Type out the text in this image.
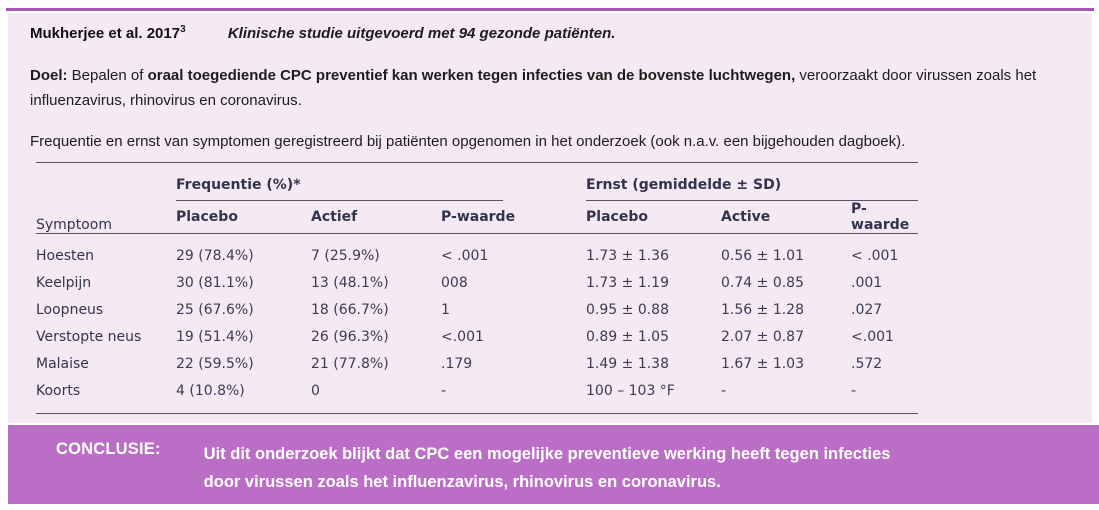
Mukherjee et al. 2017$^3$	Klinische studie uitgevoerd met 94 gezonde patiënten.

Doel: Bepalen of oraal toegediende CPC preventief kan werken tegen infecties van de bovenste luchtwegen, veroorzaakt door virussen zoals het influenzavirus, rhinovirus en coronavirus.

Frequentie en ernst van symptomen geregistreerd bij patiënten opgenomen in het onderzoek (ook n.a.v. een bijgehouden dagboek).

Symptoom	Frequentie (%)*			Ernst (gemiddelde ± SD)		

	Placebo	Actief	P-waarde	Placebo	Active	P-waarde
Hoesten	29 (78.4%)	7 (25.9%)	< .001	1.73 ± 1.36	0.56 ± 1.01	< .001
Keelpijn	30 (81.1%)	13 (48.1%)	008	1.73 ± 1.19	0.74 ± 0.85	.001
Loopneus	25 (67.6%)	18 (66.7%)	1	0.95 ± 0.88	1.56 ± 1.28	.027
Verstopte neus	19 (51.4%)	26 (96.3%)	<.001	0.89 ± 1.05	2.07 ± 0.87	<.001
Malaise	22 (59.5%)	21 (77.8%)	.179	1.49 ± 1.38	1.67 ± 1.03	.572
Koorts	4 (10.8%)	0	-	100 – 103 °F	-	-

CONCLUSIE:	Uit dit onderzoek blijkt dat CPC een mogelijke preventieve werking heeft tegen infecties door virussen zoals het influenzavirus, rhinovirus en coronavirus.
